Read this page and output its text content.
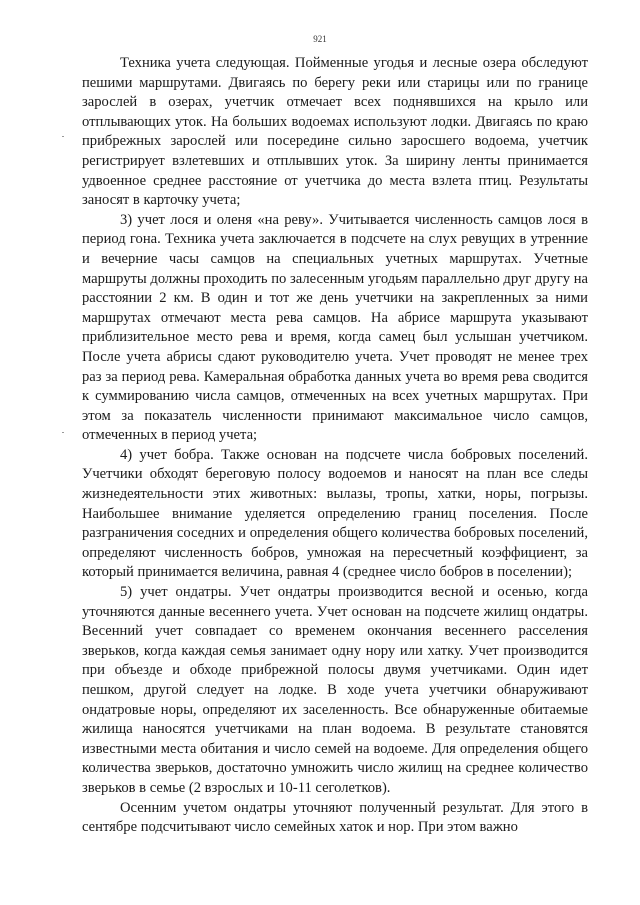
921

Техника учета следующая. Пойменные угодья и лесные озера обследуют пешими маршрутами. Двигаясь по берегу реки или старицы или по границе зарослей в озерах, учетчик отмечает всех поднявшихся на крыло или отплывающих уток. На больших водоемах используют лодки. Двигаясь по краю прибрежных зарослей или посередине сильно заросшего водоема, учетчик регистрирует взлетевших и отплывших уток. За ширину ленты принимается удвоенное среднее расстояние от учетчика до места взлета птиц. Результаты заносят в карточку учета;

3) учет лося и оленя «на реву». Учитывается численность самцов лося в период гона. Техника учета заключается в подсчете на слух ревущих в утренние и вечерние часы самцов на специальных учетных маршрутах. Учетные маршруты должны проходить по залесенным угодьям параллельно друг другу на расстоянии 2 км. В один и тот же день учетчики на закрепленных за ними маршрутах отмечают места рева самцов. На абрисе маршрута указывают приблизительное место рева и время, когда самец был услышан учетчиком. После учета абрисы сдают руководителю учета. Учет проводят не менее трех раз за период рева. Камеральная обработка данных учета во время рева сводится к суммированию числа самцов, отмеченных на всех учетных маршрутах. При этом за показатель численности принимают максимальное число самцов, отмеченных в период учета;

4) учет бобра. Также основан на подсчете числа бобровых поселений. Учетчики обходят береговую полосу водоемов и наносят на план все следы жизнедеятельности этих животных: вылазы, тропы, хатки, норы, погрызы. Наибольшее внимание уделяется определению границ поселения. После разграничения соседних и определения общего количества бобровых поселений, определяют численность бобров, умножая на пересчетный коэффициент, за который принимается величина, равная 4 (среднее число бобров в поселении);

5) учет ондатры. Учет ондатры производится весной и осенью, когда уточняются данные весеннего учета. Учет основан на подсчете жилищ ондатры. Весенний учет совпадает со временем окончания весеннего расселения зверьков, когда каждая семья занимает одну нору или хатку. Учет производится при объезде и обходе прибрежной полосы двумя учетчиками. Один идет пешком, другой следует на лодке. В ходе учета учетчики обнаруживают ондатровые норы, определяют их заселенность. Все обнаруженные обитаемые жилища наносятся учетчиками на план водоема. В результате становятся известными места обитания и число семей на водоеме. Для определения общего количества зверьков, достаточно умножить число жилищ на среднее количество зверьков в семье (2 взрослых и 10-11 сеголетков).

Осенним учетом ондатры уточняют полученный результат. Для этого в сентябре подсчитывают число семейных хаток и нор. При этом важно
